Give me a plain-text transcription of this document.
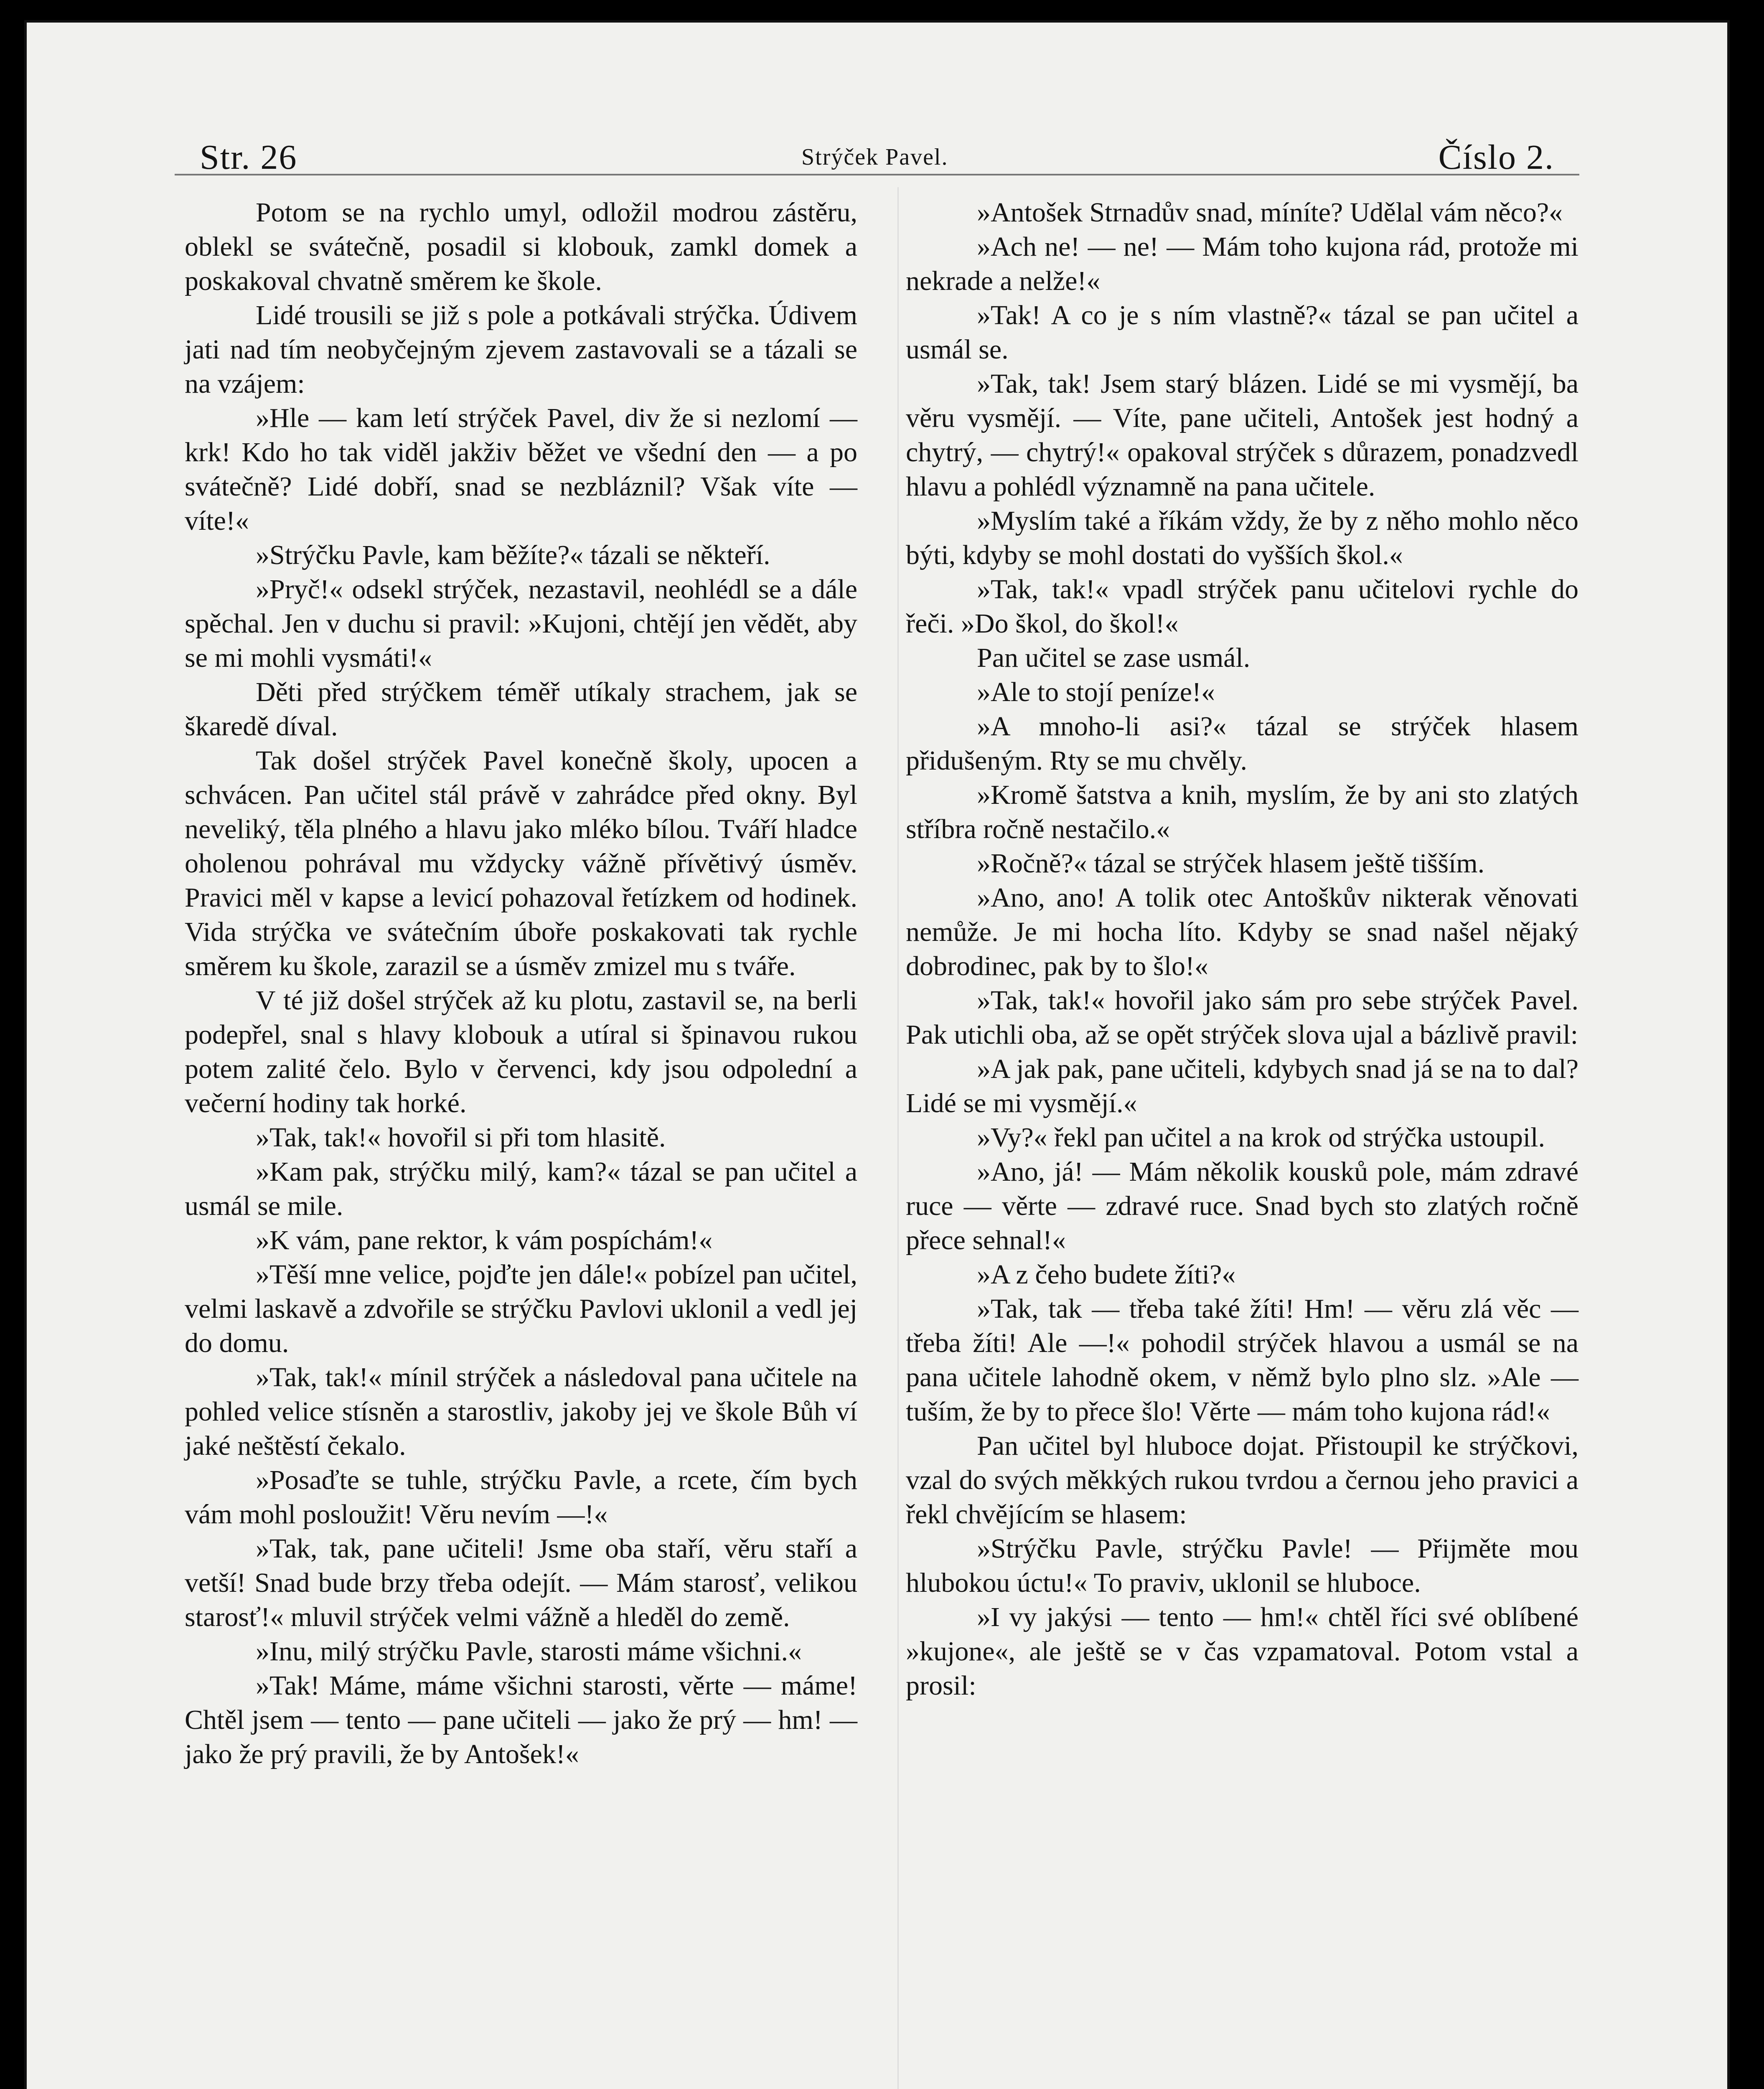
Str. 26	Strýček Pavel.	Číslo 2.

Potom se na rychlo umyl, odložil modrou zástěru, oblekl se svátečně, posadil si klobouk, zamkl domek a poskakoval chvatně směrem ke škole.

Lidé trousili se již s pole a potkávali strýčka. Údivem jati nad tím neobyčejným zjevem zastavovali se a tázali se na vzájem:

»Hle — kam letí strýček Pavel, div že si nezlomí — krk! Kdo ho tak viděl jakživ běžet ve všední den — a po svátečně? Lidé dobří, snad se nezbláznil? Však víte — víte!«

»Strýčku Pavle, kam běžíte?« tázali se někteří.

»Pryč!« odsekl strýček, nezastavil, neohlédl se a dále spěchal. Jen v duchu si pravil: »Kujoni, chtějí jen vědět, aby se mi mohli vysmáti!«

Děti před strýčkem téměř utíkaly strachem, jak se škaredě díval.

Tak došel strýček Pavel konečně školy, upocen a schvácen. Pan učitel stál právě v zahrádce před okny. Byl neveliký, těla plného a hlavu jako mléko bílou. Tváří hladce oholenou pohrával mu vždycky vážně přívětivý úsměv. Pravici měl v kapse a levicí pohazoval řetízkem od hodinek. Vida strýčka ve svátečním úboře poskakovati tak rychle směrem ku škole, zarazil se a úsměv zmizel mu s tváře.

V té již došel strýček až ku plotu, zastavil se, na berli podepřel, snal s hlavy klobouk a utíral si špinavou rukou potem zalité čelo. Bylo v červenci, kdy jsou odpolední a večerní hodiny tak horké.

»Tak, tak!« hovořil si při tom hlasitě.

»Kam pak, strýčku milý, kam?« tázal se pan učitel a usmál se mile.

»K vám, pane rektor, k vám pospíchám!«

»Těší mne velice, pojďte jen dále!« pobízel pan učitel, velmi laskavě a zdvořile se strýčku Pavlovi uklonil a vedl jej do domu.

»Tak, tak!« mínil strýček a následoval pana učitele na pohled velice stísněn a starostliv, jakoby jej ve škole Bůh ví jaké neštěstí čekalo.

»Posaďte se tuhle, strýčku Pavle, a rcete, čím bych vám mohl posloužit! Věru nevím —!«

»Tak, tak, pane učiteli! Jsme oba staří, věru staří a vetší! Snad bude brzy třeba odejít. — Mám starosť, velikou starosť!« mluvil strýček velmi vážně a hleděl do země.

»Inu, milý strýčku Pavle, starosti máme všichni.«

»Tak! Máme, máme všichni starosti, věrte — máme! Chtěl jsem — tento — pane učiteli — jako že prý — hm! — jako že prý pravili, že by Antošek!«

»Antošek Strnadův snad, míníte? Udělal vám něco?«

»Ach ne! — ne! — Mám toho kujona rád, protože mi nekrade a nelže!«

»Tak! A co je s ním vlastně?« tázal se pan učitel a usmál se.

»Tak, tak! Jsem starý blázen. Lidé se mi vysmějí, ba věru vysmějí. — Víte, pane učiteli, Antošek jest hodný a chytrý, — chytrý!« opakoval strýček s důrazem, ponadzvedl hlavu a pohlédl významně na pana učitele.

»Myslím také a říkám vždy, že by z něho mohlo něco býti, kdyby se mohl dostati do vyšších škol.«

»Tak, tak!« vpadl strýček panu učitelovi rychle do řeči. »Do škol, do škol!«

Pan učitel se zase usmál.

»Ale to stojí peníze!«

»A mnoho-li asi?« tázal se strýček hlasem přidušeným. Rty se mu chvěly.

»Kromě šatstva a knih, myslím, že by ani sto zlatých stříbra ročně nestačilo.«

»Ročně?« tázal se strýček hlasem ještě tišším.

»Ano, ano! A tolik otec Antoškův nikterak věnovati nemůže. Je mi hocha líto. Kdyby se snad našel nějaký dobrodinec, pak by to šlo!«

»Tak, tak!« hovořil jako sám pro sebe strýček Pavel. Pak utichli oba, až se opět strýček slova ujal a bázlivě pravil:

»A jak pak, pane učiteli, kdybych snad já se na to dal? Lidé se mi vysmějí.«

»Vy?« řekl pan učitel a na krok od strýčka ustoupil.

»Ano, já! — Mám několik kousků pole, mám zdravé ruce — věrte — zdravé ruce. Snad bych sto zlatých ročně přece sehnal!«

»A z čeho budete žíti?«

»Tak, tak — třeba také žíti! Hm! — věru zlá věc — třeba žíti! Ale —!« pohodil strýček hlavou a usmál se na pana učitele lahodně okem, v němž bylo plno slz. »Ale — tuším, že by to přece šlo! Věrte — mám toho kujona rád!«

Pan učitel byl hluboce dojat. Přistoupil ke strýčkovi, vzal do svých měkkých rukou tvrdou a černou jeho pravici a řekl chvějícím se hlasem:

»Strýčku Pavle, strýčku Pavle! — Přijměte mou hlubokou úctu!« To praviv, uklonil se hluboce.

»I vy jakýsi — tento — hm!« chtěl říci své oblíbené »kujone«, ale ještě se v čas vzpamatoval. Potom vstal a prosil:
